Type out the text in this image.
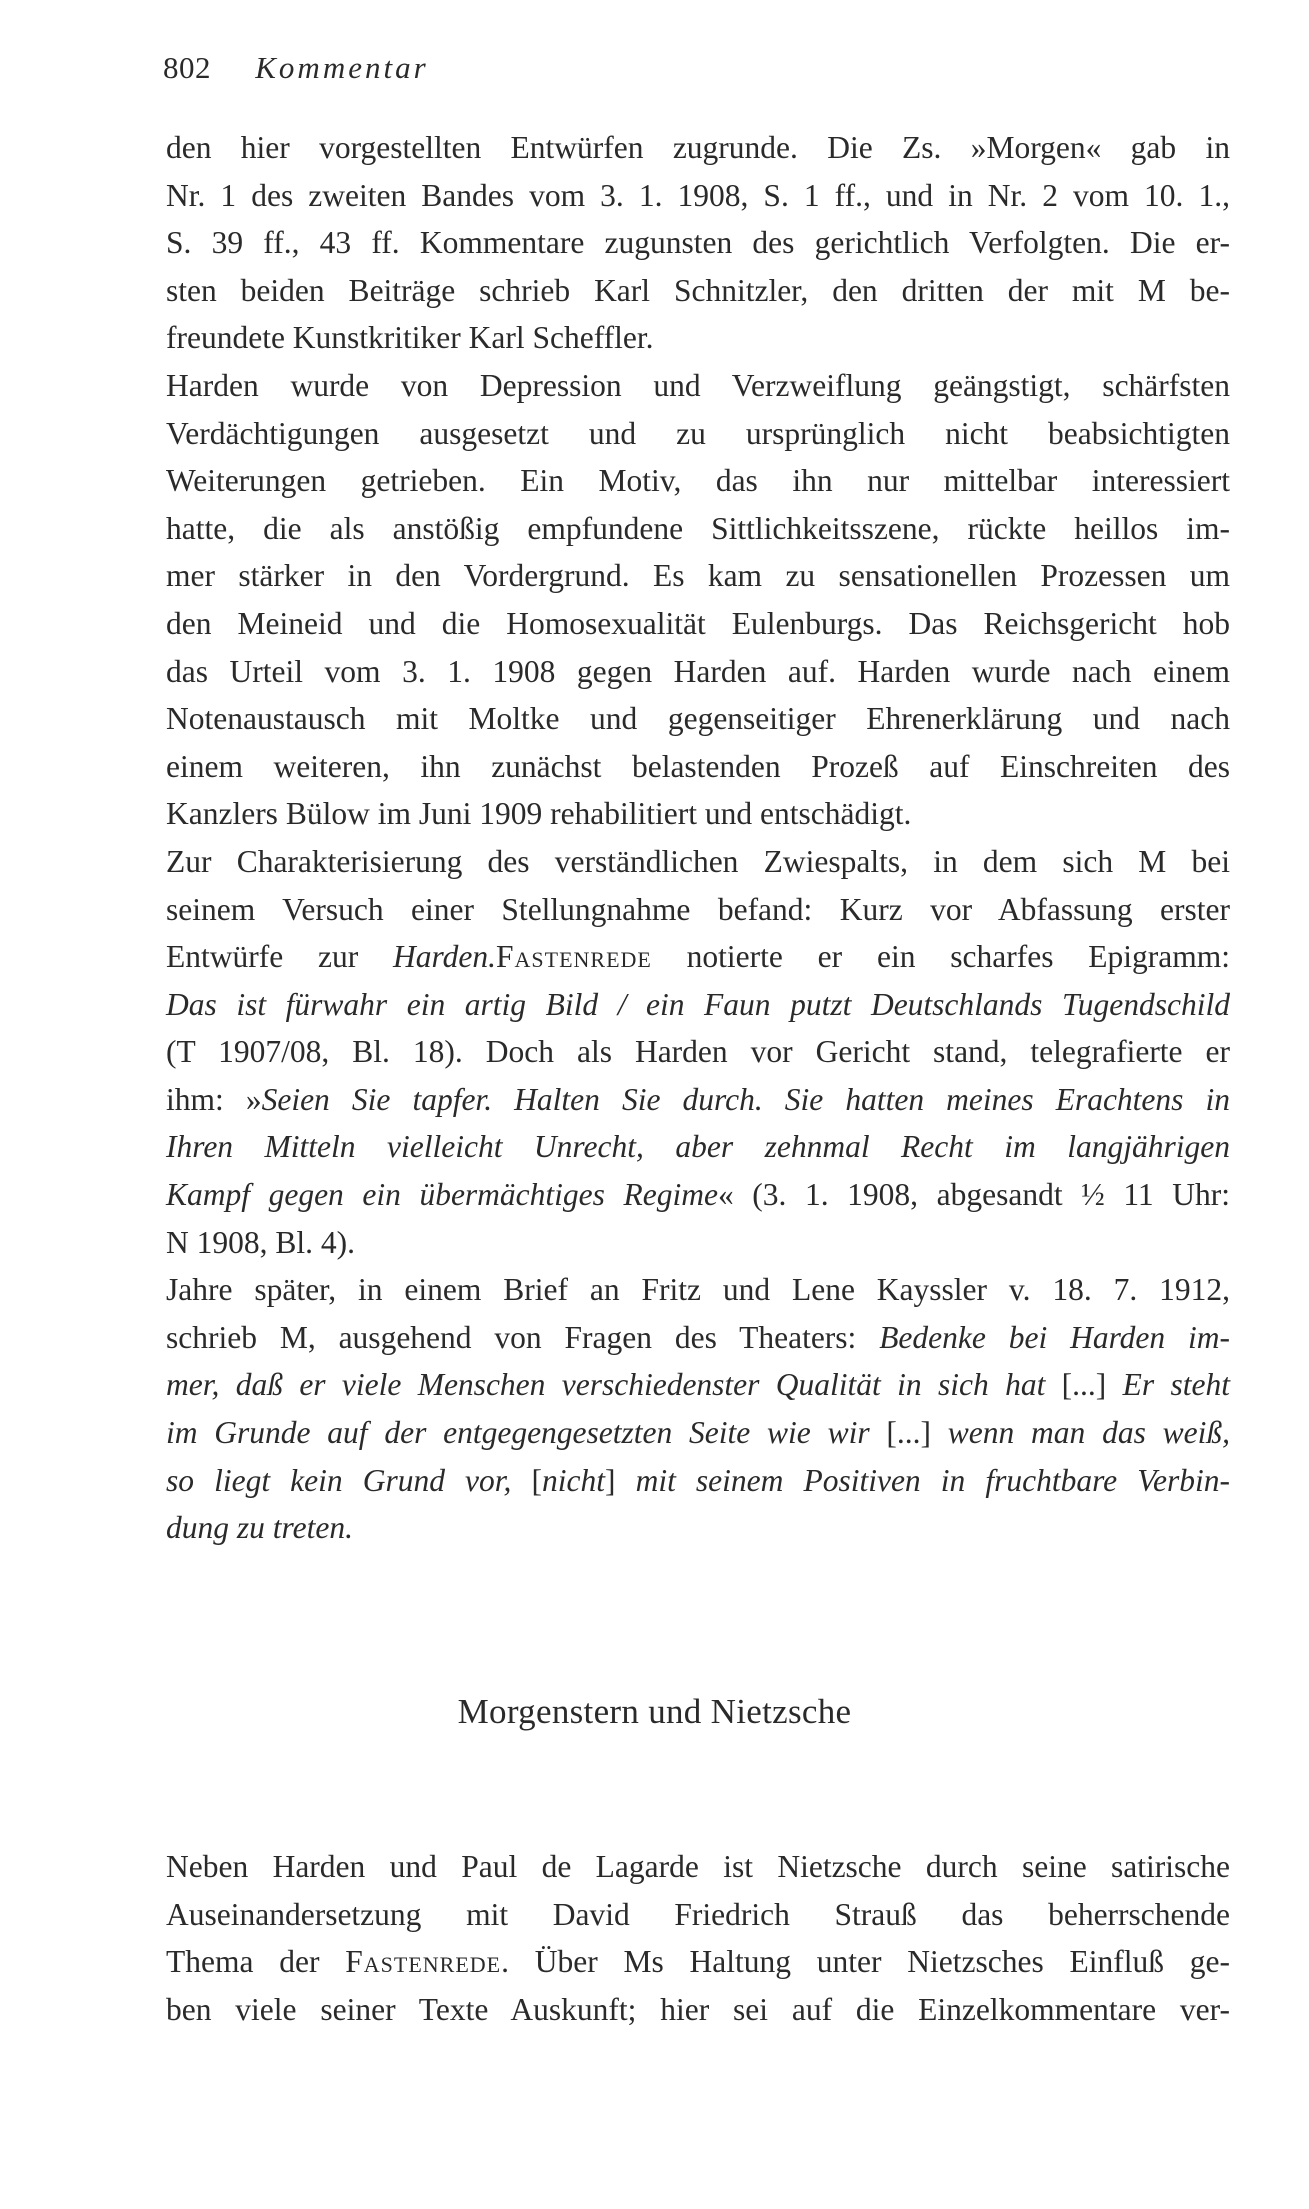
802 Kommentar
den hier vorgestellten Entwürfen zugrunde. Die Zs. »Morgen« gab in
Nr. 1 des zweiten Bandes vom 3. 1. 1908, S. 1 ff., und in Nr. 2 vom 10. 1.,
S. 39 ff., 43 ff. Kommentare zugunsten des gerichtlich Verfolgten. Die er-
sten beiden Beiträge schrieb Karl Schnitzler, den dritten der mit M be-
freundete Kunstkritiker Karl Scheffler.
Harden wurde von Depression und Verzweiflung geängstigt, schärfsten
Verdächtigungen ausgesetzt und zu ursprünglich nicht beabsichtigten
Weiterungen getrieben. Ein Motiv, das ihn nur mittelbar interessiert
hatte, die als anstößig empfundene Sittlichkeitsszene, rückte heillos im-
mer stärker in den Vordergrund. Es kam zu sensationellen Prozessen um
den Meineid und die Homosexualität Eulenburgs. Das Reichsgericht hob
das Urteil vom 3. 1. 1908 gegen Harden auf. Harden wurde nach einem
Notenaustausch mit Moltke und gegenseitiger Ehrenerklärung und nach
einem weiteren, ihn zunächst belastenden Prozeß auf Einschreiten des
Kanzlers Bülow im Juni 1909 rehabilitiert und entschädigt.
Zur Charakterisierung des verständlichen Zwiespalts, in dem sich M bei
seinem Versuch einer Stellungnahme befand: Kurz vor Abfassung erster
Entwürfe zur Harden.Fastenrede notierte er ein scharfes Epigramm:
Das ist fürwahr ein artig Bild / ein Faun putzt Deutschlands Tugendschild
(T 1907/08, Bl. 18). Doch als Harden vor Gericht stand, telegrafierte er
ihm: »Seien Sie tapfer. Halten Sie durch. Sie hatten meines Erachtens in
Ihren Mitteln vielleicht Unrecht, aber zehnmal Recht im langjährigen
Kampf gegen ein übermächtiges Regime« (3. 1. 1908, abgesandt ½ 11 Uhr:
N 1908, Bl. 4).
Jahre später, in einem Brief an Fritz und Lene Kayssler v. 18. 7. 1912,
schrieb M, ausgehend von Fragen des Theaters: Bedenke bei Harden im-
mer, daß er viele Menschen verschiedenster Qualität in sich hat [...] Er steht
im Grunde auf der entgegengesetzten Seite wie wir [...] wenn man das weiß,
so liegt kein Grund vor, [nicht] mit seinem Positiven in fruchtbare Verbin-
dung zu treten.
Morgenstern und Nietzsche
Neben Harden und Paul de Lagarde ist Nietzsche durch seine satirische
Auseinandersetzung mit David Friedrich Strauß das beherrschende
Thema der Fastenrede. Über Ms Haltung unter Nietzsches Einfluß ge-
ben viele seiner Texte Auskunft; hier sei auf die Einzelkommentare ver-
